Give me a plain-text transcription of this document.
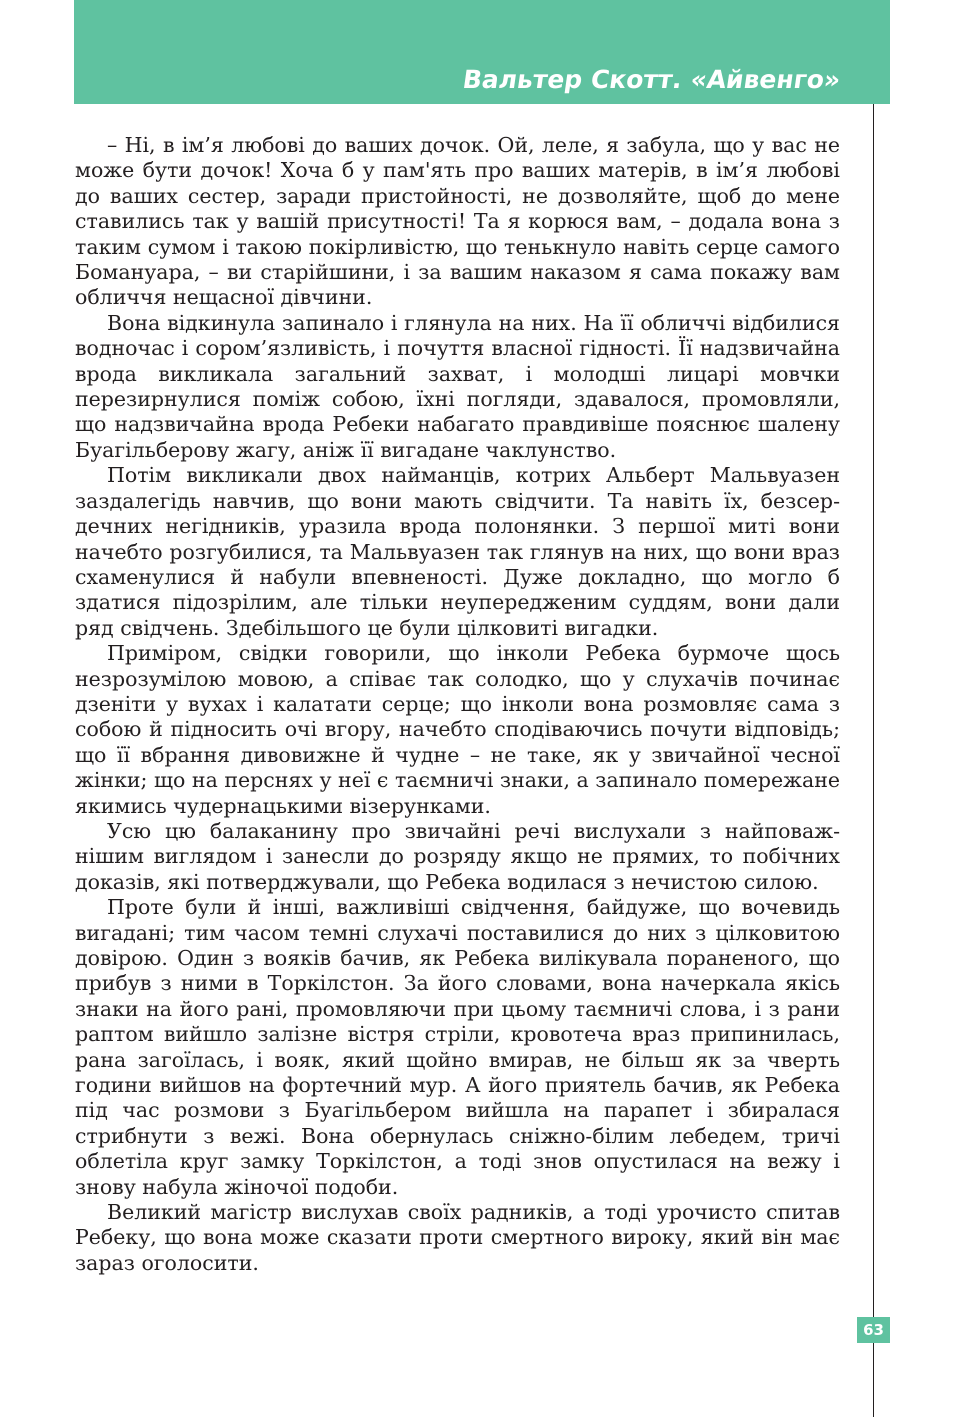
Вальтер Скотт. «Айвенго»

– Ні, в ім’я любові до ваших дочок. Ой, леле, я забула, що у вас не може бути дочок! Хоча б у пам'ять про ваших матерів, в ім’я любові до ваших сестер, заради пристойності, не дозволяйте, щоб до мене ставились так у вашій присутності! Та я корюся вам, – додала вона з таким сумом і такою покірливістю, що тенькнуло навіть серце самого Бомануара, – ви старійшини, і за вашим наказом я сама покажу вам обличчя нещасної дівчини.

Вона відкинула запинало і глянула на них. На її обличчі відбилися водночас і сором’язливість, і почуття власної гідності. Її надзвичайна врода викликала загальний захват, і молодші лицарі мовчки перезирнулися поміж собою, їхні погляди, здавалося, промовляли, що надзвичайна врода Ребеки набагато правдивіше пояснює шалену Буагільберову жагу, аніж її вигадане чаклунство.

Потім викликали двох найманців, котрих Альберт Мальвуазен заздалегідь навчив, що вони мають свідчити. Та навіть їх, безсердечних негідників, уразила врода полонянки. З першої миті вони начебто розгубилися, та Мальвуазен так глянув на них, що вони враз схаменулися й набули впевненості. Дуже докладно, що могло б здатися підозрілим, але тільки неупередженим суддям, вони дали ряд свідчень. Здебільшого це були цілковиті вигадки.

Приміром, свідки говорили, що інколи Ребека бурмоче щось незрозумілою мовою, а співає так солодко, що у слухачів починає дзеніти у вухах і калатати серце; що інколи вона розмовляє сама з собою й підносить очі вгору, начебто сподіваючись почути відповідь; що її вбрання дивовижне й чудне – не таке, як у звичайної чесної жінки; що на перснях у неї є таємничі знаки, а запинало помережане якимись чудернацькими візерунками.

Усю цю балаканину про звичайні речі вислухали з найповажнішим виглядом і занесли до розряду якщо не прямих, то побічних доказів, які потверджували, що Ребека водилася з нечистою силою.

Проте були й інші, важливіші свідчення, байдуже, що вочевидь вигадані; тим часом темні слухачі поставилися до них з цілковитою довірою. Один з вояків бачив, як Ребека вилікувала пораненого, що прибув з ними в Торкілстон. За його словами, вона начеркала якісь знаки на його рані, промовляючи при цьому таємничі слова, і з рани раптом вийшло залізне вістря стріли, кровотеча враз припинилась, рана загоїлась, і вояк, який щойно вмирав, не більш як за чверть години вийшов на фортечний мур. А його приятель бачив, як Ребека під час розмови з Буагільбером вийшла на парапет і збиралася стрибнути з вежі. Вона обернулась сніжно-білим лебедем, тричі облетіла круг замку Торкілстон, а тоді знов опустилася на вежу і знову набула жіночої подоби.

Великий магістр вислухав своїх радників, а тоді урочисто спитав Ребеку, що вона може сказати проти смертного вироку, який він має зараз оголосити.

63
